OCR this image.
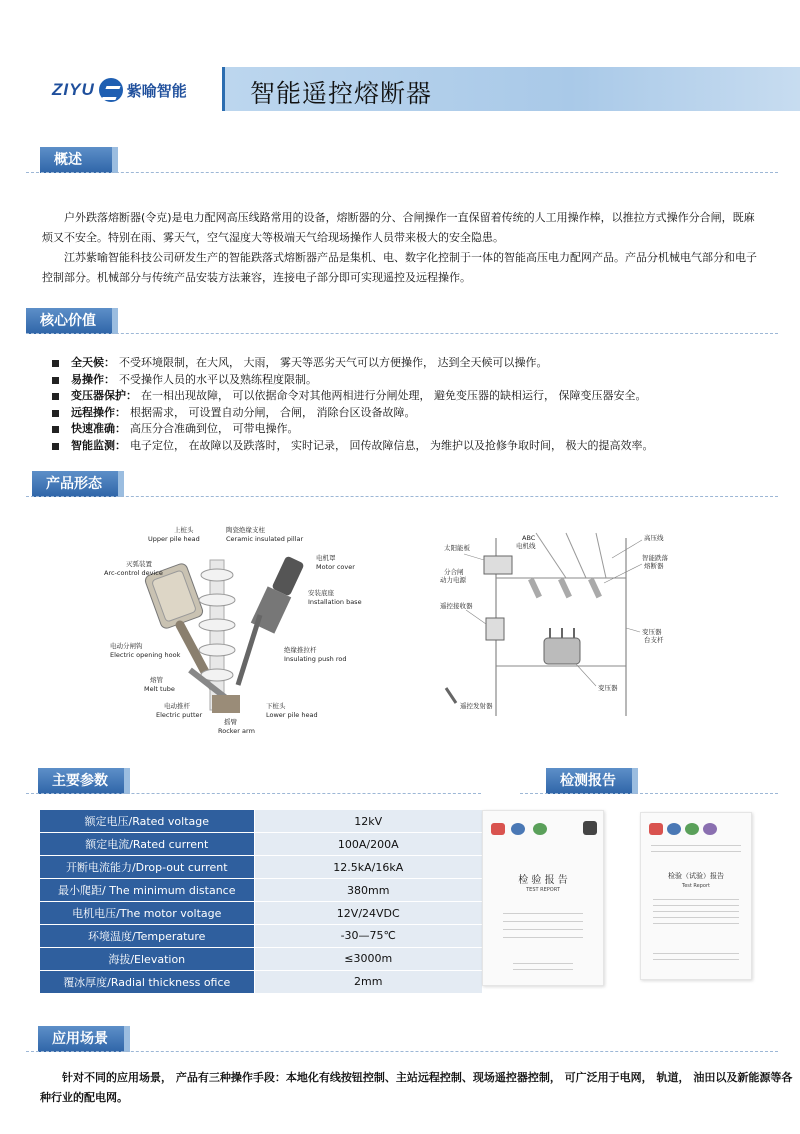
ZIYU 紫喻智能	智能遥控熔断器
概述

户外跌落熔断器(令克)是电力配网高压线路常用的设备，熔断器的分、合闸操作一直保留着传统的人工用操作棒，以推拉方式操作分合闸，既麻烦又不安全。特别在雨、雾天气，空气湿度大等极端天气给现场操作人员带来极大的安全隐患。

江苏紫喻智能科技公司研发生产的智能跌落式熔断器产品是集机、电、数字化控制于一体的智能高压电力配网产品。产品分机械电气部分和电子控制部分。机械部分与传统产品安装方法兼容，连接电子部分即可实现遥控及远程操作。

核心价值
全天候： 不受环境限制，在大风， 大雨， 雾天等恶劣天气可以方便操作， 达到全天候可以操作。
易操作： 不受操作人员的水平以及熟练程度限制。
变压器保护： 在一相出现故障， 可以依据命令对其他两相进行分闸处理， 避免变压器的缺相运行， 保障变压器安全。
远程操作： 根据需求， 可设置自动分闸， 合闸， 消除台区设备故障。
快速准确： 高压分合准确到位， 可带电操作。
智能监测： 电子定位， 在故障以及跌落时， 实时记录， 回传故障信息， 为维护以及抢修争取时间， 极大的提高效率。
产品形态
上桩头
Upper pile head
陶瓷绝缘支柱
Ceramic insulated pillar
灭弧装置
Arc-control device
电机罩
Motor cover
安装底座
Installation base
电动分闸钩
Electric opening hook
绝缘推拉杆
Insulating push rod
熔管
Melt tube
电动推杆
Electric putter
下桩头
Lower pile head
摇臂
Rocker arm
太阳能板
ABC
电机线
分合闸
动力电源
遥控接收器
高压线
智能跌落
熔断器
变压器
台支杆
变压器
遥控发射器
主要参数
额定电压/Rated voltage	12kV
额定电流/Rated current	100A/200A
开断电流能力/Drop-out current	12.5kA/16kA
最小爬距/ The minimum distance	380mm
电机电压/The motor voltage	12V/24VDC
环境温度/Temperature	-30—75℃
海拔/Elevation	≤3000m
覆冰厚度/Radial thickness ofice	2mm
检测报告
检 验 报 告
TEST REPORT
检验（试验）报告
Test Report
应用场景

针对不同的应用场景， 产品有三种操作手段：本地化有线按钮控制、主站远程控制、现场遥控器控制， 可广泛用于电网， 轨道， 油田以及新能源等各种行业的配电网。
